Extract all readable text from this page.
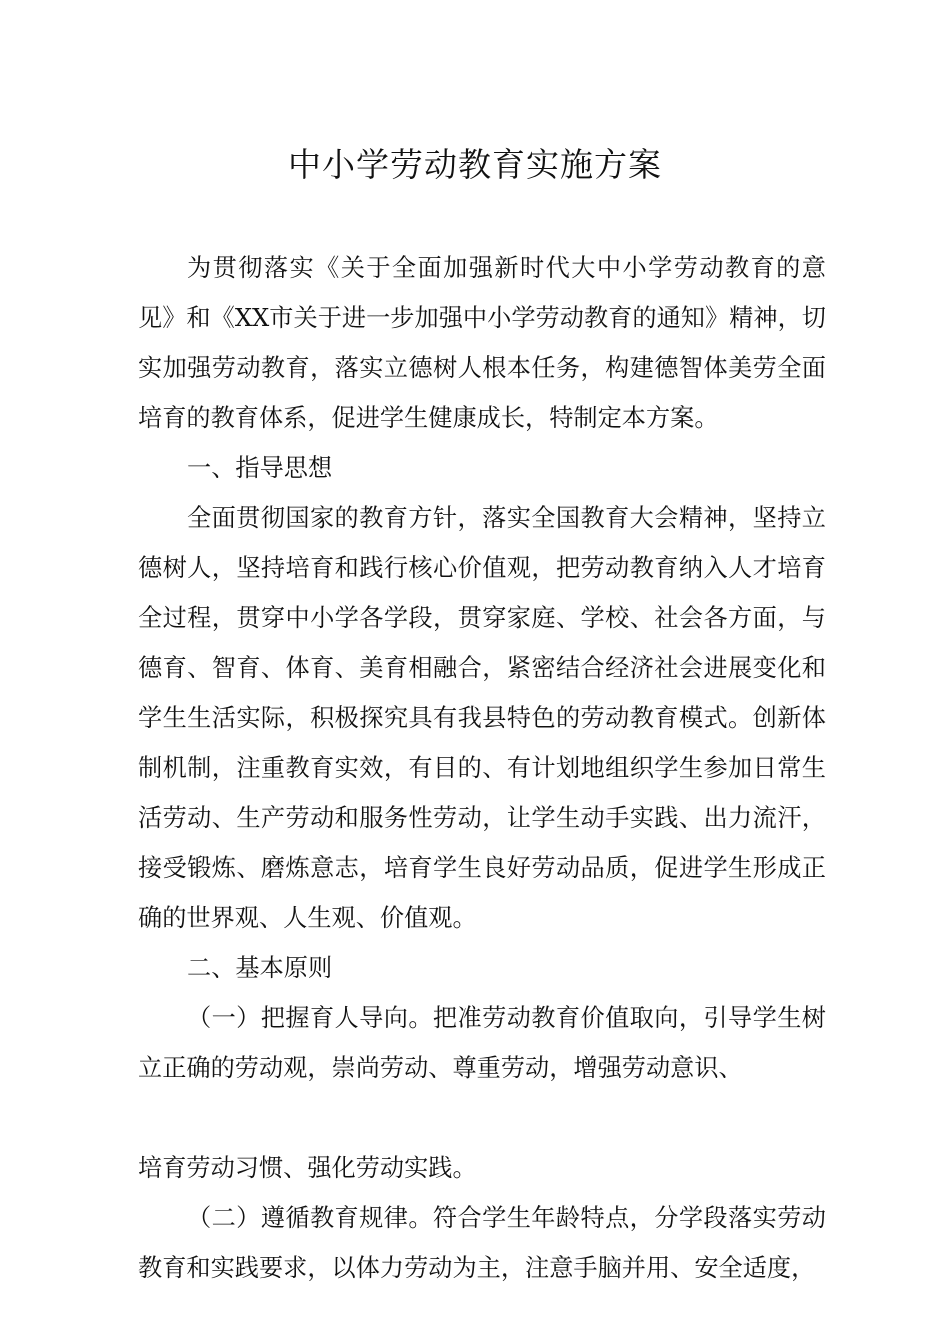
中小学劳动教育实施方案

为贯彻落实《关于全面加强新时代大中小学劳动教育的意见》和《XX市关于进一步加强中小学劳动教育的通知》精神，切实加强劳动教育，落实立德树人根本任务，构建德智体美劳全面培育的教育体系，促进学生健康成长，特制定本方案。

一、指导思想

全面贯彻国家的教育方针，落实全国教育大会精神，坚持立德树人，坚持培育和践行核心价值观，把劳动教育纳入人才培育全过程，贯穿中小学各学段，贯穿家庭、学校、社会各方面，与德育、智育、体育、美育相融合，紧密结合经济社会进展变化和学生生活实际，积极探究具有我县特色的劳动教育模式。创新体制机制，注重教育实效，有目的、有计划地组织学生参加日常生活劳动、生产劳动和服务性劳动，让学生动手实践、出力流汗，接受锻炼、磨炼意志，培育学生良好劳动品质，促进学生形成正确的世界观、人生观、价值观。

二、基本原则

（一）把握育人导向。把准劳动教育价值取向，引导学生树立正确的劳动观，崇尚劳动、尊重劳动，增强劳动意识、

培育劳动习惯、强化劳动实践。

（二）遵循教育规律。符合学生年龄特点，分学段落实劳动教育和实践要求，以体力劳动为主，注意手脑并用、安全适度，
